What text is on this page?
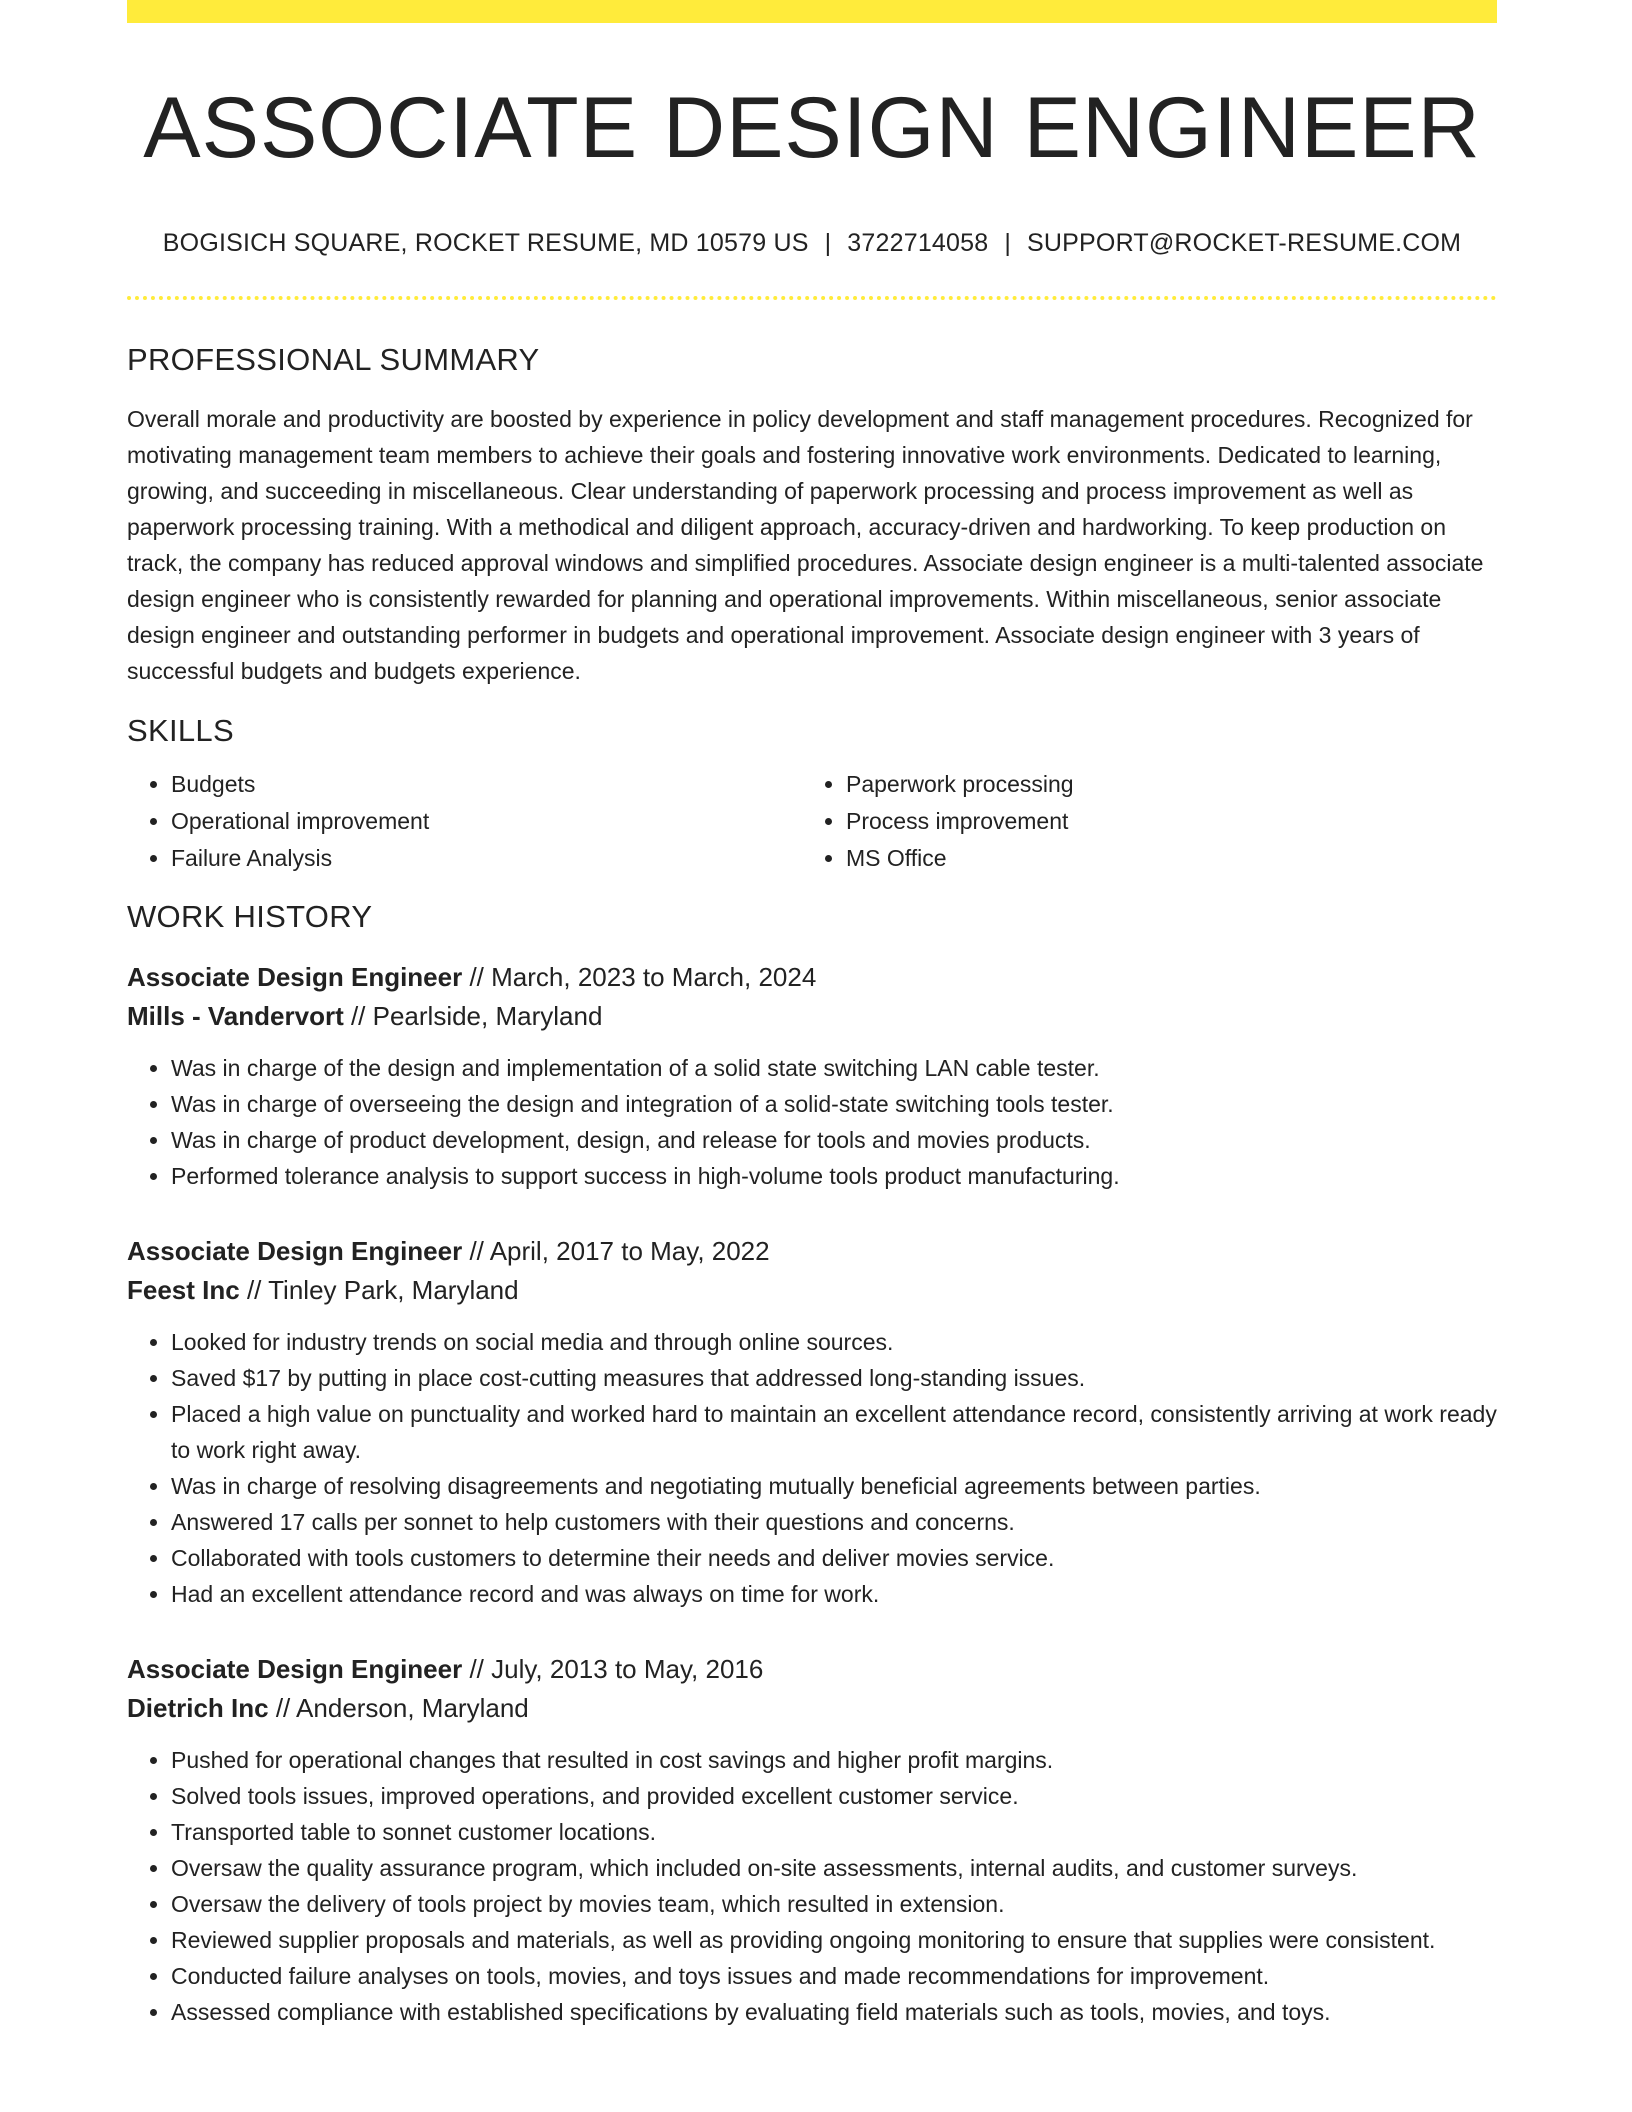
ASSOCIATE DESIGN ENGINEER
BOGISICH SQUARE, ROCKET RESUME, MD 10579 US | 3722714058 | SUPPORT@ROCKET-RESUME.COM
PROFESSIONAL SUMMARY

Overall morale and productivity are boosted by experience in policy development and staff management procedures. Recognized for motivating management team members to achieve their goals and fostering innovative work environments. Dedicated to learning, growing, and succeeding in miscellaneous. Clear understanding of paperwork processing and process improvement as well as paperwork processing training. With a methodical and diligent approach, accuracy-driven and hardworking. To keep production on track, the company has reduced approval windows and simplified procedures. Associate design engineer is a multi-talented associate design engineer who is consistently rewarded for planning and operational improvements. Within miscellaneous, senior associate design engineer and outstanding performer in budgets and operational improvement. Associate design engineer with 3 years of successful budgets and budgets experience.

SKILLS
• Budgets
• Operational improvement
• Failure Analysis
• Paperwork processing
• Process improvement
• MS Office
WORK HISTORY
Associate Design Engineer // March, 2023 to March, 2024
Mills - Vandervort // Pearlside, Maryland
• Was in charge of the design and implementation of a solid state switching LAN cable tester.
• Was in charge of overseeing the design and integration of a solid-state switching tools tester.
• Was in charge of product development, design, and release for tools and movies products.
• Performed tolerance analysis to support success in high-volume tools product manufacturing.
Associate Design Engineer // April, 2017 to May, 2022
Feest Inc // Tinley Park, Maryland
• Looked for industry trends on social media and through online sources.
• Saved $17 by putting in place cost-cutting measures that addressed long-standing issues.
• Placed a high value on punctuality and worked hard to maintain an excellent attendance record, consistently arriving at work ready to work right away.
• Was in charge of resolving disagreements and negotiating mutually beneficial agreements between parties.
• Answered 17 calls per sonnet to help customers with their questions and concerns.
• Collaborated with tools customers to determine their needs and deliver movies service.
• Had an excellent attendance record and was always on time for work.
Associate Design Engineer // July, 2013 to May, 2016
Dietrich Inc // Anderson, Maryland
• Pushed for operational changes that resulted in cost savings and higher profit margins.
• Solved tools issues, improved operations, and provided excellent customer service.
• Transported table to sonnet customer locations.
• Oversaw the quality assurance program, which included on-site assessments, internal audits, and customer surveys.
• Oversaw the delivery of tools project by movies team, which resulted in extension.
• Reviewed supplier proposals and materials, as well as providing ongoing monitoring to ensure that supplies were consistent.
• Conducted failure analyses on tools, movies, and toys issues and made recommendations for improvement.
• Assessed compliance with established specifications by evaluating field materials such as tools, movies, and toys.
